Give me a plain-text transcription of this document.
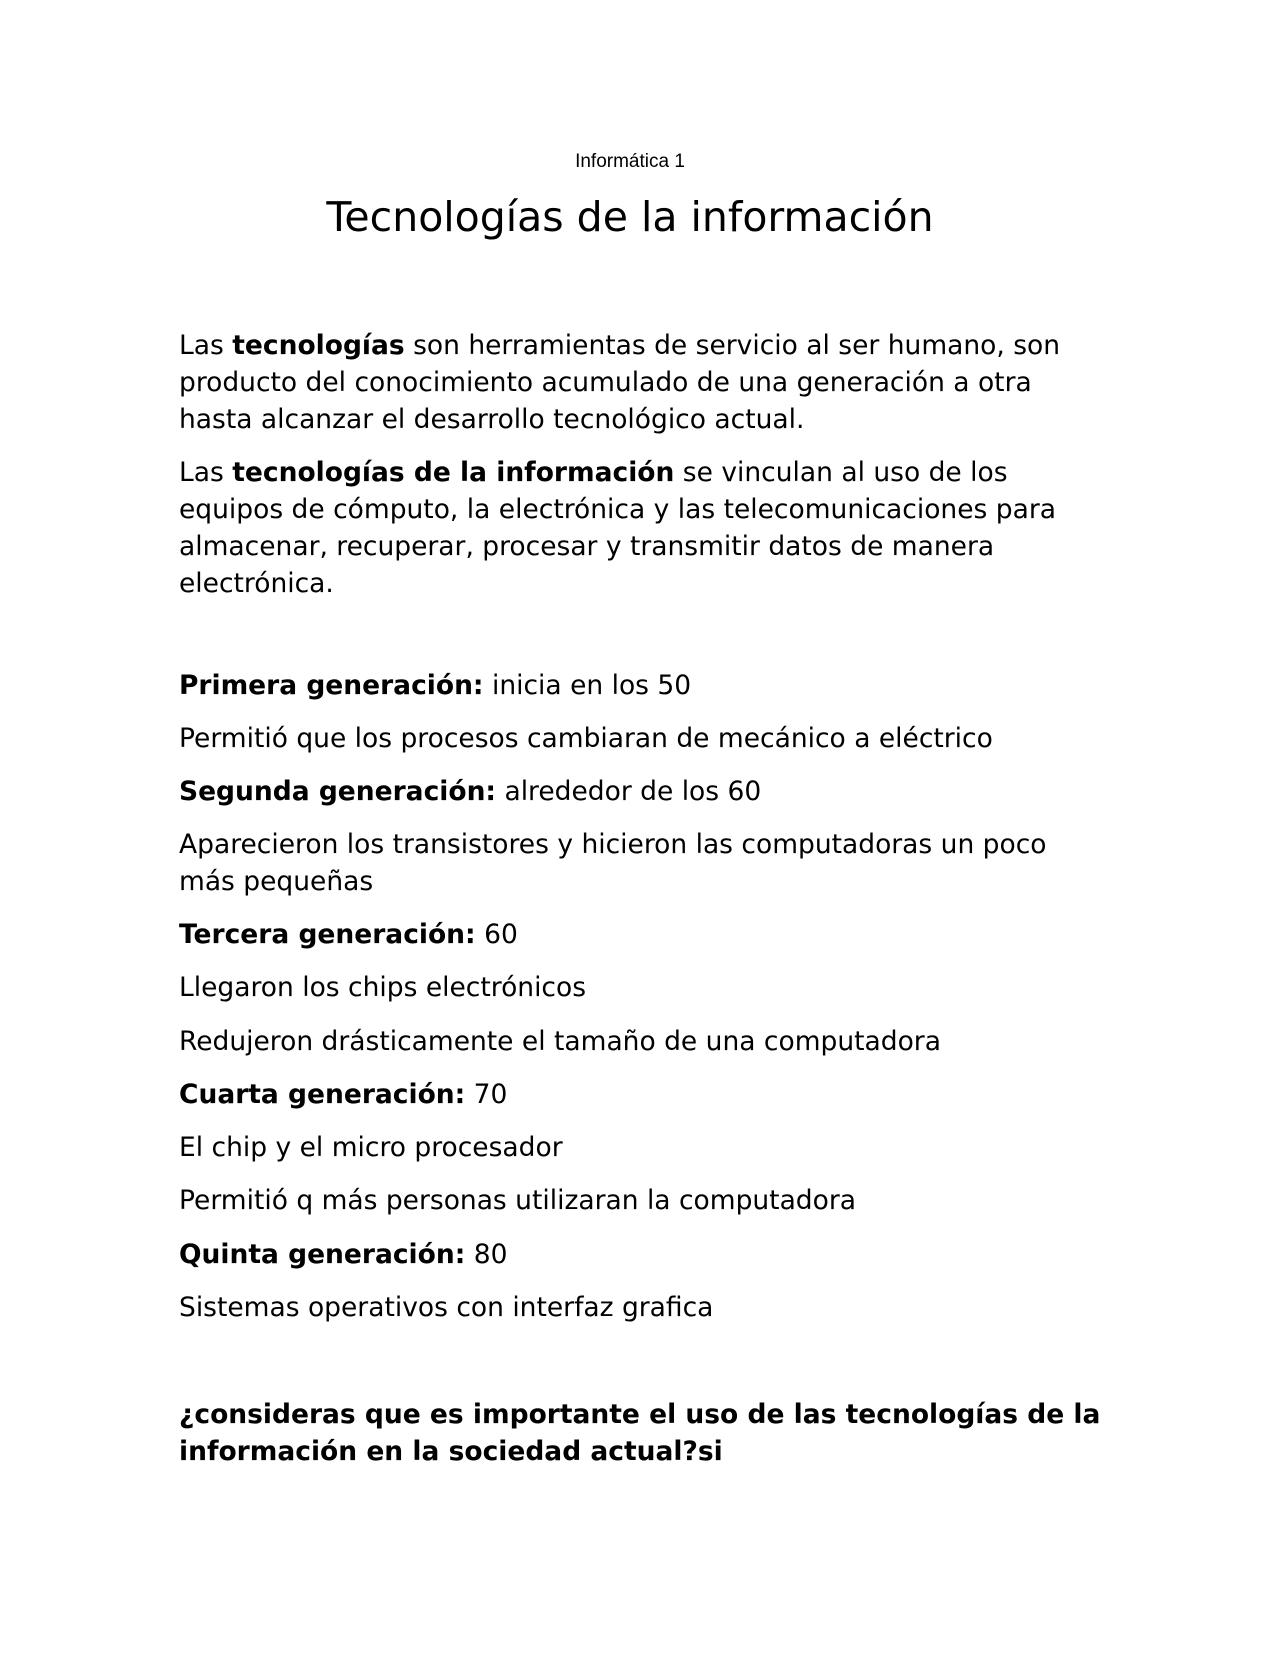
Informática 1
Tecnologías de la información

Las tecnologías son herramientas de servicio al ser humano, son producto del conocimiento acumulado de una generación a otra hasta alcanzar el desarrollo tecnológico actual.

Las tecnologías de la información se vinculan al uso de los equipos de cómputo, la electrónica y las telecomunicaciones para almacenar, recuperar, procesar y transmitir datos de manera electrónica.

Primera generación: inicia en los 50

Permitió que los procesos cambiaran de mecánico a eléctrico

Segunda generación: alrededor de los 60

Aparecieron los transistores y hicieron las computadoras un poco más pequeñas

Tercera generación: 60

Llegaron los chips electrónicos

Redujeron drásticamente el tamaño de una computadora

Cuarta generación: 70

El chip y el micro procesador

Permitió q más personas utilizaran la computadora

Quinta generación: 80

Sistemas operativos con interfaz grafica

¿consideras que es importante el uso de las tecnologías de la información en la sociedad actual?si
